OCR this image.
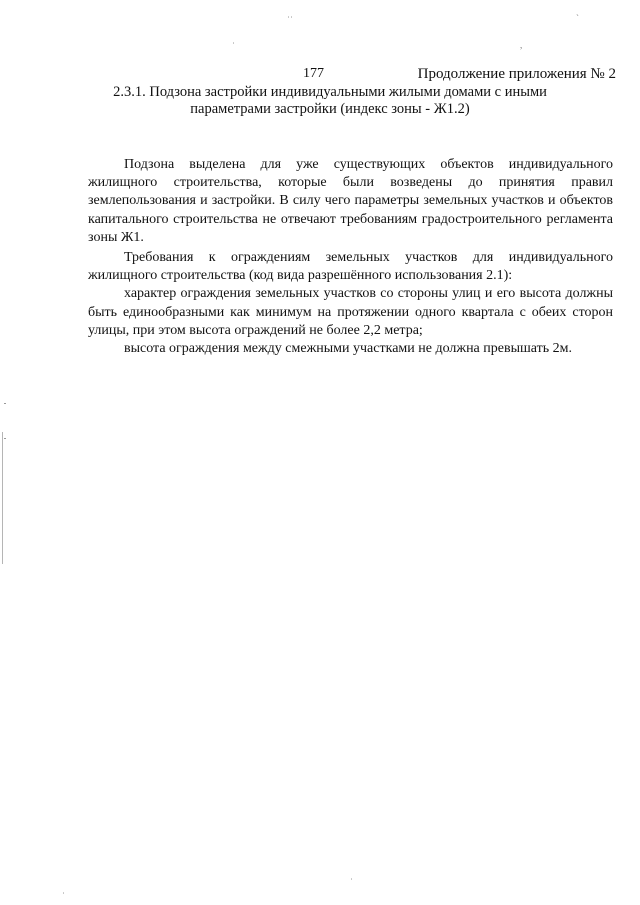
˙˙	`
˙	,
˙
˙
177	Продолжение приложения № 2
2.3.1. Подзона застройки индивидуальными жилыми домами с иными
параметрами застройки (индекс зоны - Ж1.2)

Подзона выделена для уже существующих объектов индивидуального жилищного строительства, которые были возведены до принятия правил землепользования и застройки. В силу чего параметры земельных участков и объектов капитального строительства не отвечают требованиям градостроительного регламента зоны Ж1.

Требования к ограждениям земельных участков для индивидуального жилищного строительства (код вида разрешённого использования 2.1):

характер ограждения земельных участков со стороны улиц и его высота должны быть единообразными как минимум на протяжении одного квартала с обеих сторон улицы, при этом высота ограждений не более 2,2 метра;

высота ограждения между смежными участками не должна превышать 2м.
